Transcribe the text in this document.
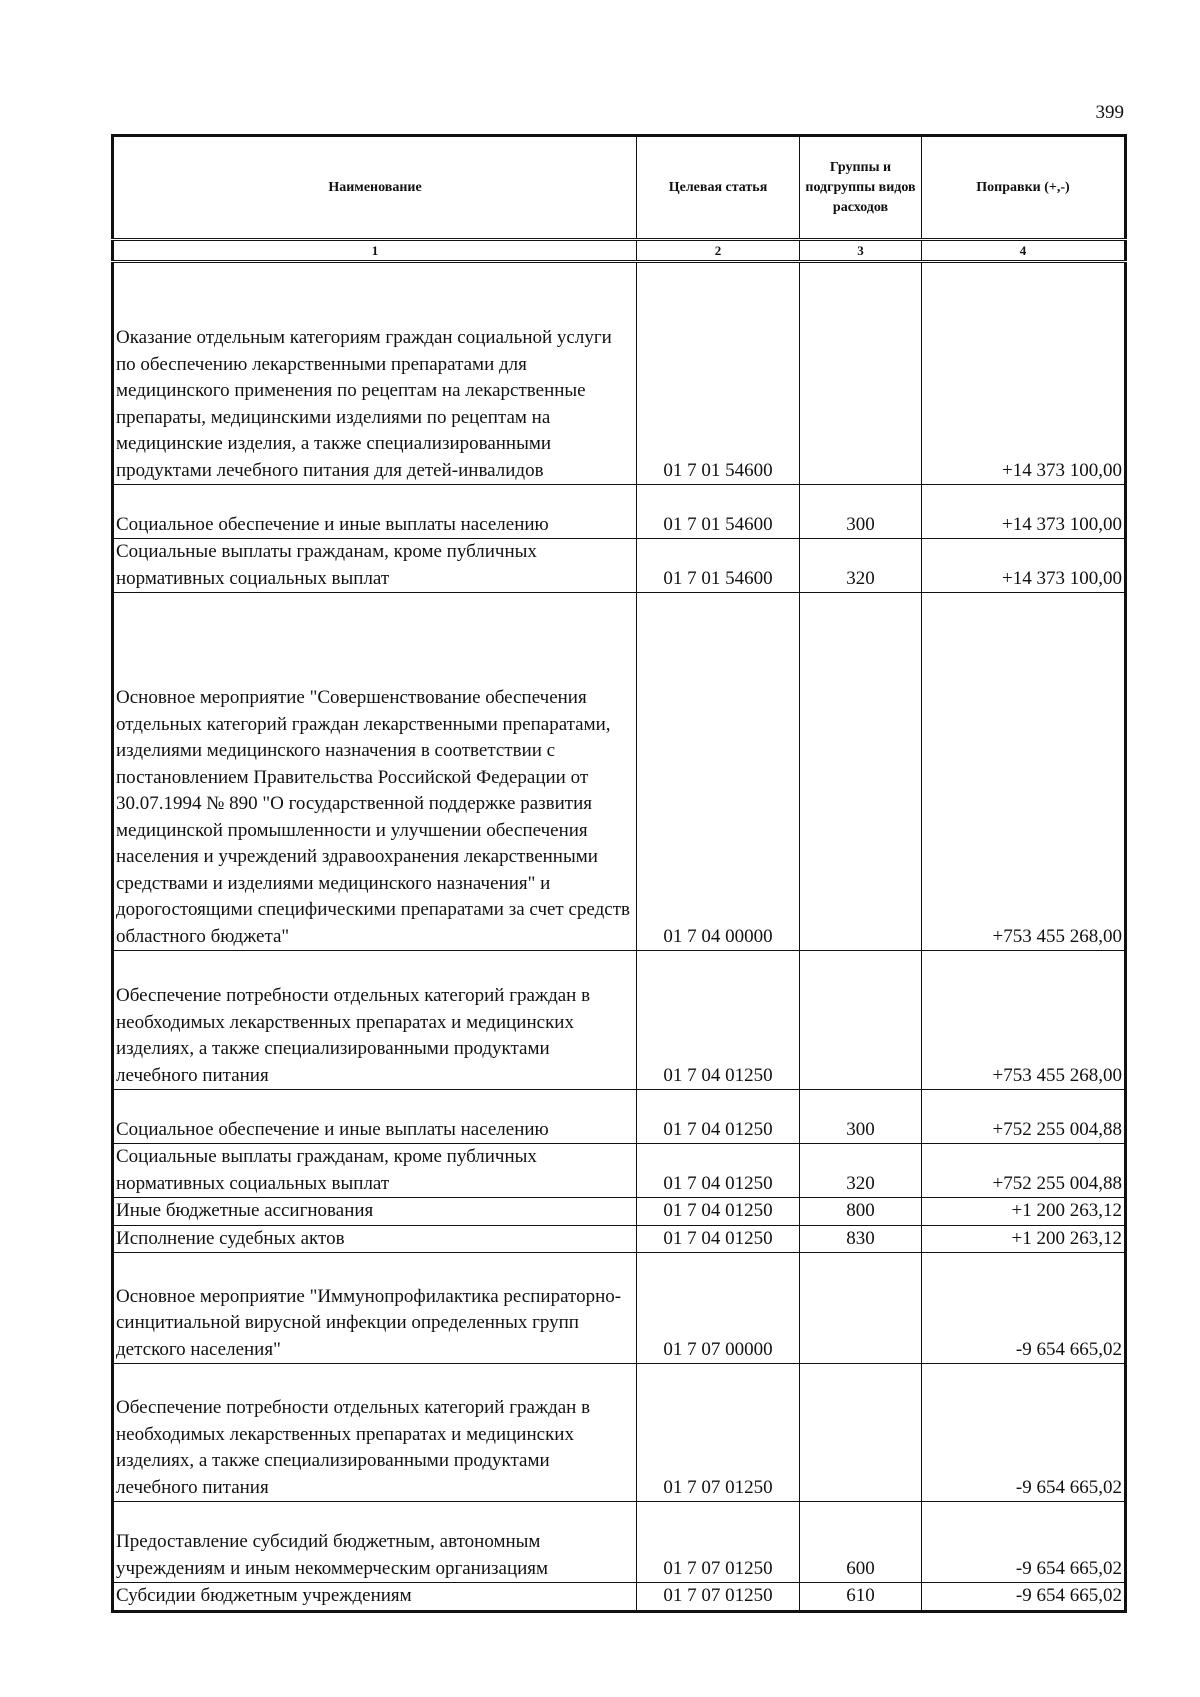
399
Наименование	Целевая статья	Группы и подгруппы видов расходов	Поправки (+,-)
1	2	3	4
Оказание отдельным категориям граждан социальной услуги по обеспечению лекарственными препаратами для медицинского применения по рецептам на лекарственные препараты, медицинскими изделиями по рецептам на медицинские изделия, а также специализированными продуктами лечебного питания для детей-инвалидов	01 7 01 54600		+14 373 100,00
Социальное обеспечение и иные выплаты населению	01 7 01 54600	300	+14 373 100,00
Социальные выплаты гражданам, кроме публичных нормативных социальных выплат	01 7 01 54600	320	+14 373 100,00
Основное мероприятие "Совершенствование обеспечения отдельных категорий граждан лекарственными препаратами, изделиями медицинского назначения в соответствии с постановлением Правительства Российской Федерации от 30.07.1994 № 890 "О государственной поддержке развития медицинской промышленности и улучшении обеспечения населения и учреждений здравоохранения лекарственными средствами и изделиями медицинского назначения" и дорогостоящими специфическими препаратами за счет средств областного бюджета"	01 7 04 00000		+753 455 268,00
Обеспечение потребности отдельных категорий граждан в необходимых лекарственных препаратах и медицинских изделиях, а также специализированными продуктами лечебного питания	01 7 04 01250		+753 455 268,00
Социальное обеспечение и иные выплаты населению	01 7 04 01250	300	+752 255 004,88
Социальные выплаты гражданам, кроме публичных нормативных социальных выплат	01 7 04 01250	320	+752 255 004,88
Иные бюджетные ассигнования	01 7 04 01250	800	+1 200 263,12
Исполнение судебных актов	01 7 04 01250	830	+1 200 263,12
Основное мероприятие "Иммунопрофилактика респираторно-синцитиальной вирусной инфекции определенных групп детского населения"	01 7 07 00000		-9 654 665,02
Обеспечение потребности отдельных категорий граждан в необходимых лекарственных препаратах и медицинских изделиях, а также специализированными продуктами лечебного питания	01 7 07 01250		-9 654 665,02
Предоставление субсидий бюджетным, автономным учреждениям и иным некоммерческим организациям	01 7 07 01250	600	-9 654 665,02
Субсидии бюджетным учреждениям	01 7 07 01250	610	-9 654 665,02
